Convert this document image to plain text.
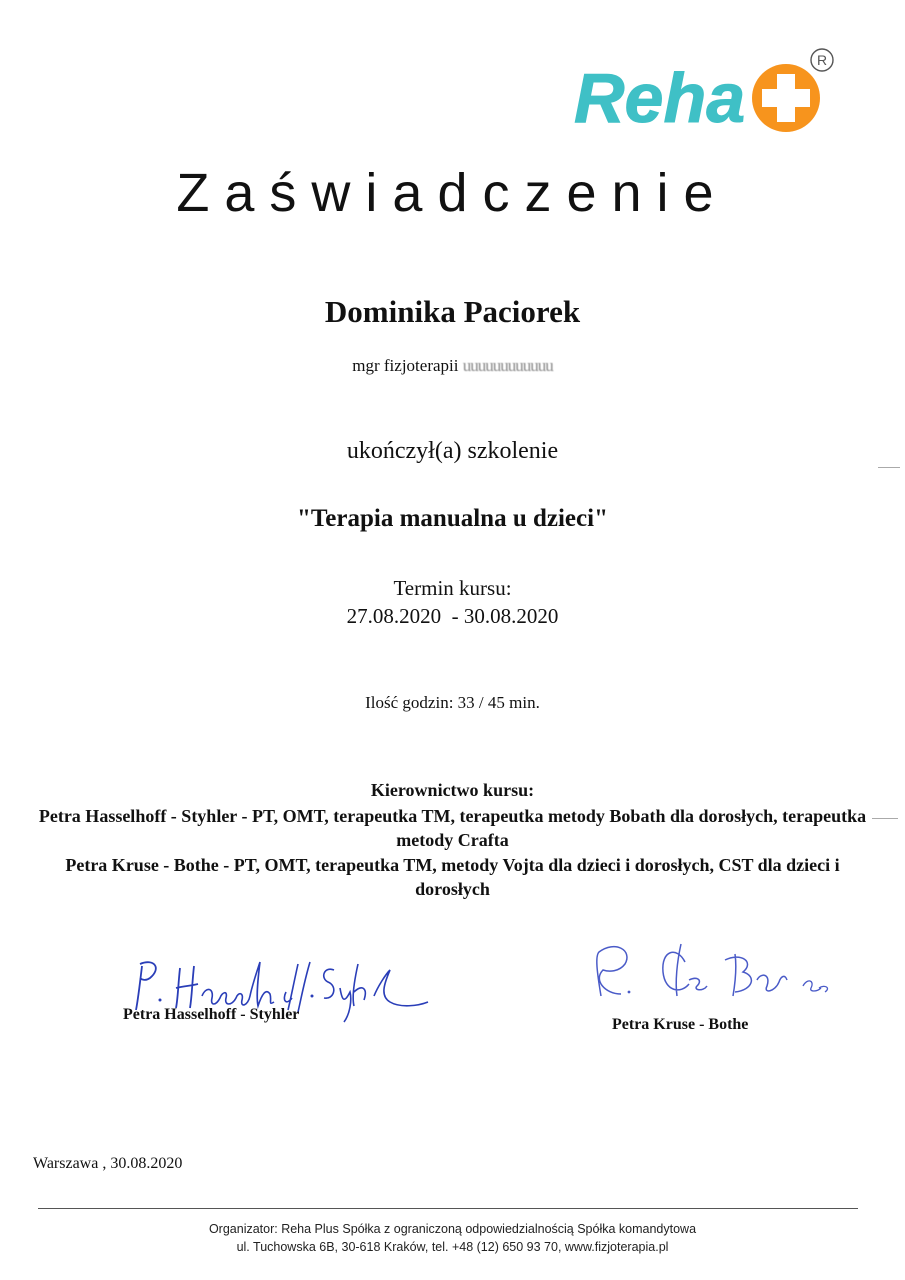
Reha	R
Zaświadczenie
Dominika Paciorek
mgr fizjoterapii uuuuuuuuuuuu
ukończył(a) szkolenie
"Terapia manualna u dzieci"
Termin kursu:
27.08.2020  - 30.08.2020
Ilość godzin: 33 / 45 min.
Kierownictwo kursu:
Petra Hasselhoff - Styhler - PT, OMT, terapeutka TM, terapeutka metody Bobath dla dorosłych, terapeutka metody Crafta
Petra Kruse - Bothe - PT, OMT, terapeutka TM, metody Vojta dla dzieci i dorosłych, CST dla dzieci i dorosłych
Petra Hasselhoff - Styhler
Petra Kruse - Bothe
Warszawa , 30.08.2020
Organizator: Reha Plus Spółka z ograniczoną odpowiedzialnością Spółka komandytowa
ul. Tuchowska 6B, 30-618 Kraków, tel. +48 (12) 650 93 70, www.fizjoterapia.pl
